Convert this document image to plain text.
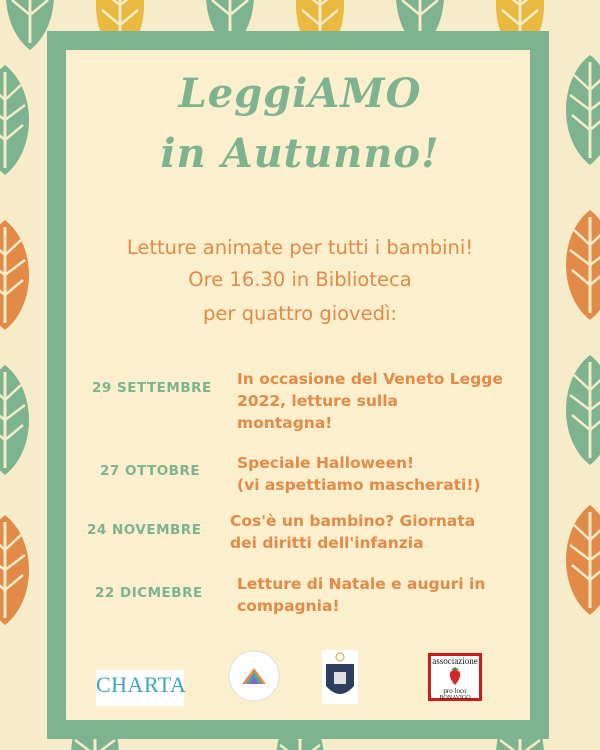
LeggiAMO
in Autunno!
Letture animate per tutti i bambini!
Ore 16.30 in Biblioteca
per quattro giovedì:
29 SETTEMBRE In occasione del Veneto Legge
2022, letture sulla
montagna!
27 OTTOBRE Speciale Halloween!
(vi aspettiamo mascherati!)
24 NOVEMBRE Cos'è un bambino? Giornata
dei diritti dell'infanzia
22 DICMEBRE Letture di Natale e auguri in
compagnia!
CHARTA
associazione
pro loco
BONAVIGO
